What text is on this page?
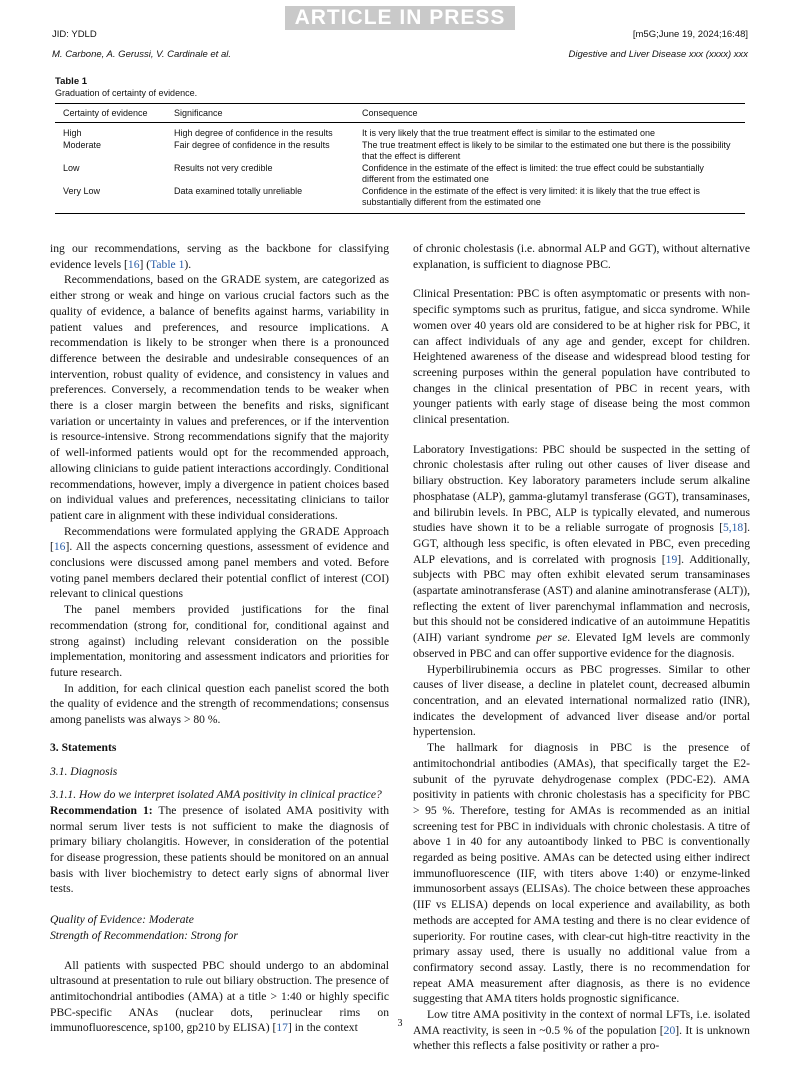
ARTICLE IN PRESS
JID: YDLD	[m5G;June 19, 2024;16:48]
M. Carbone, A. Gerussi, V. Cardinale et al.	Digestive and Liver Disease xxx (xxxx) xxx
Table 1
Graduation of certainty of evidence.
Certainty of evidence	Significance	Consequence
High	High degree of confidence in the results	It is very likely that the true treatment effect is similar to the estimated one
Moderate	Fair degree of confidence in the results	The true treatment effect is likely to be similar to the estimated one but there is the possibility that the effect is different
Low	Results not very credible	Confidence in the estimate of the effect is limited: the true effect could be substantially different from the estimated one
Very Low	Data examined totally unreliable	Confidence in the estimate of the effect is very limited: it is likely that the true effect is substantially different from the estimated one

ing our recommendations, serving as the backbone for classifying evidence levels [16] (Table 1).

Recommendations, based on the GRADE system, are categorized as either strong or weak and hinge on various crucial factors such as the quality of evidence, a balance of benefits against harms, variability in patient values and preferences, and resource implications. A recommendation is likely to be stronger when there is a pronounced difference between the desirable and undesirable consequences of an intervention, robust quality of evidence, and consistency in values and preferences. Conversely, a recommendation tends to be weaker when there is a closer margin between the benefits and risks, significant variation or uncertainty in values and preferences, or if the intervention is resource-intensive. Strong recommendations signify that the majority of well-informed patients would opt for the recommended approach, allowing clinicians to guide patient interactions accordingly. Conditional recommendations, however, imply a divergence in patient choices based on individual values and preferences, necessitating clinicians to tailor patient care in alignment with these individual considerations.

Recommendations were formulated applying the GRADE Approach [16]. All the aspects concerning questions, assessment of evidence and conclusions were discussed among panel members and voted. Before voting panel members declared their potential conflict of interest (COI) relevant to clinical questions

The panel members provided justifications for the final recommendation (strong for, conditional for, conditional against and strong against) including relevant consideration on the possible implementation, monitoring and assessment indicators and priorities for future research.

In addition, for each clinical question each panelist scored the both the quality of evidence and the strength of recommendations; consensus among panelists was always > 80 %.

3. Statements

3.1. Diagnosis

3.1.1. How do we interpret isolated AMA positivity in clinical practice?

Recommendation 1: The presence of isolated AMA positivity with normal serum liver tests is not sufficient to make the diagnosis of primary biliary cholangitis. However, in consideration of the potential for disease progression, these patients should be monitored on an annual basis with liver biochemistry to detect early signs of abnormal liver tests.

Quality of Evidence: Moderate

Strength of Recommendation: Strong for

All patients with suspected PBC should undergo to an abdominal ultrasound at presentation to rule out biliary obstruction. The presence of antimitochondrial antibodies (AMA) at a title > 1:40 or highly specific PBC-specific ANAs (nuclear dots, perinuclear rims on immunofluorescence, sp100, gp210 by ELISA) [17] in the context

of chronic cholestasis (i.e. abnormal ALP and GGT), without alternative explanation, is sufficient to diagnose PBC.

Clinical Presentation: PBC is often asymptomatic or presents with non-specific symptoms such as pruritus, fatigue, and sicca syndrome. While women over 40 years old are considered to be at higher risk for PBC, it can affect individuals of any age and gender, except for children. Heightened awareness of the disease and widespread blood testing for screening purposes within the general population have contributed to changes in the clinical presentation of PBC in recent years, with younger patients with early stage of disease being the most common clinical presentation.

Laboratory Investigations: PBC should be suspected in the setting of chronic cholestasis after ruling out other causes of liver disease and biliary obstruction. Key laboratory parameters include serum alkaline phosphatase (ALP), gamma-glutamyl transferase (GGT), transaminases, and bilirubin levels. In PBC, ALP is typically elevated, and numerous studies have shown it to be a reliable surrogate of prognosis [5,18]. GGT, although less specific, is often elevated in PBC, even preceding ALP elevations, and is correlated with prognosis [19]. Additionally, subjects with PBC may often exhibit elevated serum transaminases (aspartate aminotransferase (AST) and alanine aminotransferase (ALT)), reflecting the extent of liver parenchymal inflammation and necrosis, but this should not be considered indicative of an autoimmune Hepatitis (AIH) variant syndrome per se. Elevated IgM levels are commonly observed in PBC and can offer supportive evidence for the diagnosis.

Hyperbilirubinemia occurs as PBC progresses. Similar to other causes of liver disease, a decline in platelet count, decreased albumin concentration, and an elevated international normalized ratio (INR), indicates the development of advanced liver disease and/or portal hypertension.

The hallmark for diagnosis in PBC is the presence of antimitochondrial antibodies (AMAs), that specifically target the E2-subunit of the pyruvate dehydrogenase complex (PDC-E2). AMA positivity in patients with chronic cholestasis has a specificity for PBC > 95 %. Therefore, testing for AMAs is recommended as an initial screening test for PBC in individuals with chronic cholestasis. A titre of above 1 in 40 for any autoantibody linked to PBC is conventionally regarded as being positive. AMAs can be detected using either indirect immunofluorescence (IIF, with titers above 1:40) or enzyme-linked immunosorbent assays (ELISAs). The choice between these approaches (IIF vs ELISA) depends on local experience and availability, as both methods are accepted for AMA testing and there is no clear evidence of superiority. For routine cases, with clear-cut high-titre reactivity in the primary assay used, there is usually no additional value from a confirmatory second assay. Lastly, there is no recommendation for repeat AMA measurement after diagnosis, as there is no evidence suggesting that AMA titers holds prognostic significance.

Low titre AMA positivity in the context of normal LFTs, i.e. isolated AMA reactivity, is seen in ~0.5 % of the population [20]. It is unknown whether this reflects a false positivity or rather a pro-

3
